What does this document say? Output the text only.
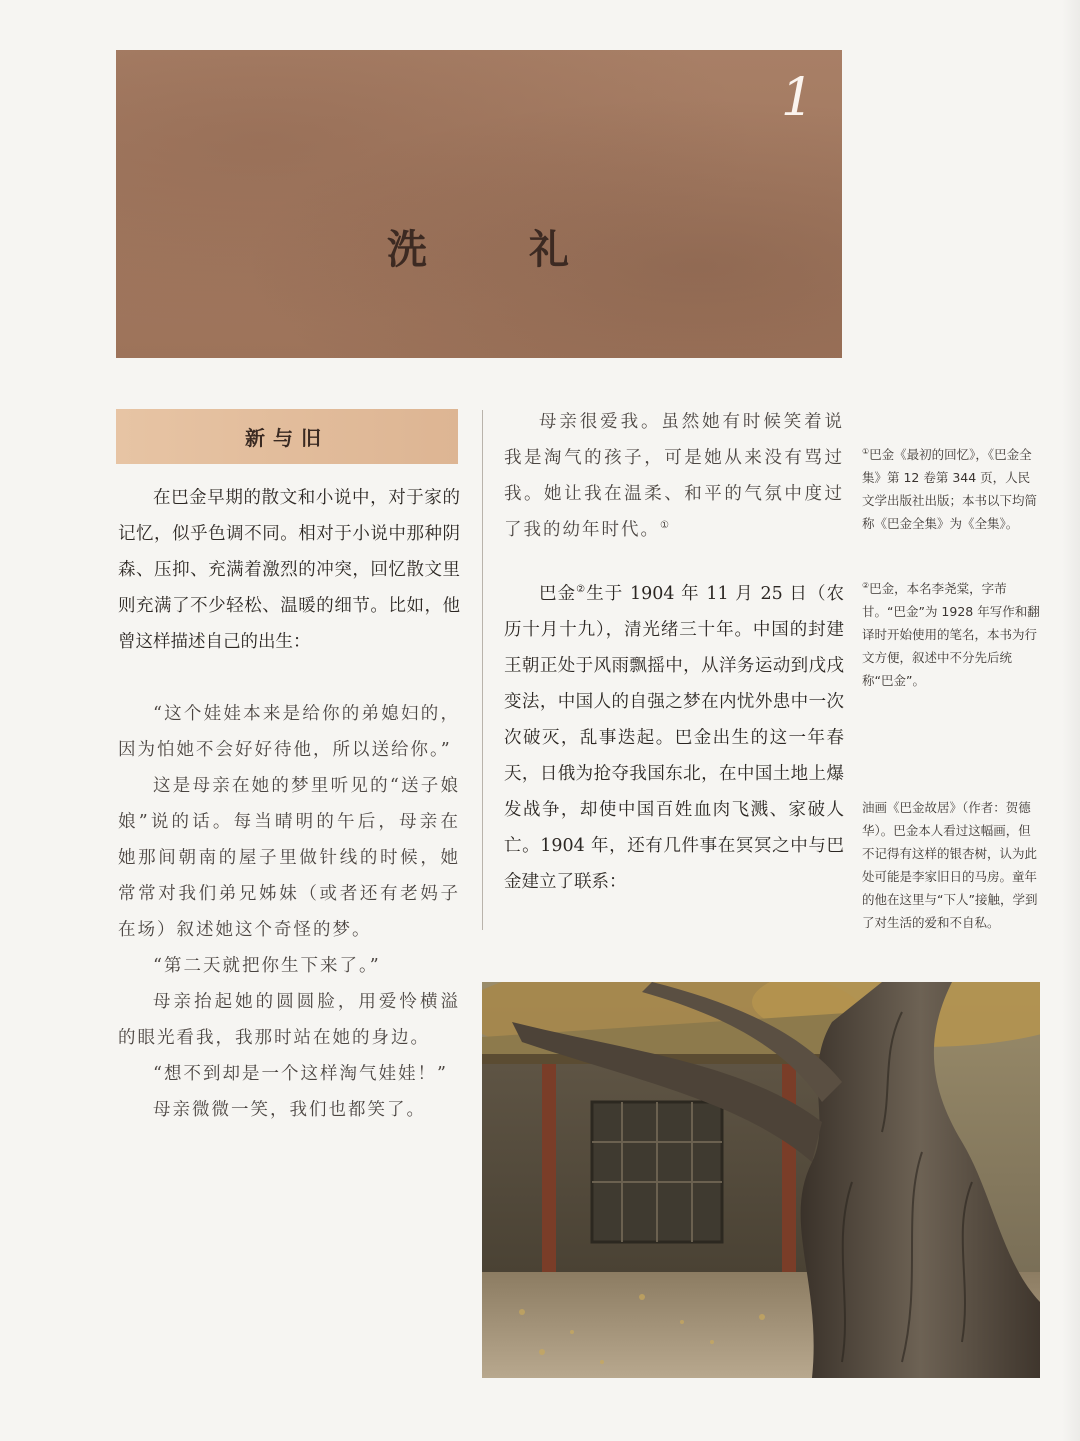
1
洗	礼
新与旧

在巴金早期的散文和小说中，对于家的记忆，似乎色调不同。相对于小说中那种阴森、压抑、充满着激烈的冲突，回忆散文里则充满了不少轻松、温暖的细节。比如，他曾这样描述自己的出生：

“这个娃娃本来是给你的弟媳妇的，因为怕她不会好好待他，所以送给你。”

这是母亲在她的梦里听见的“送子娘娘”说的话。每当晴明的午后，母亲在她那间朝南的屋子里做针线的时候，她常常对我们弟兄姊妹（或者还有老妈子在场）叙述她这个奇怪的梦。

“第二天就把你生下来了。”

母亲抬起她的圆圆脸，用爱怜横溢的眼光看我，我那时站在她的身边。

“想不到却是一个这样淘气娃娃！”

母亲微微一笑，我们也都笑了。

母亲很爱我。虽然她有时候笑着说我是淘气的孩子，可是她从来没有骂过我。她让我在温柔、和平的气氛中度过了我的幼年时代。①

巴金②生于 1904 年 11 月 25 日（农历十月十九），清光绪三十年。中国的封建王朝正处于风雨飘摇中，从洋务运动到戊戌变法，中国人的自强之梦在内忧外患中一次次破灭，乱事迭起。巴金出生的这一年春天，日俄为抢夺我国东北，在中国土地上爆发战争，却使中国百姓血肉飞溅、家破人亡。1904 年，还有几件事在冥冥之中与巴金建立了联系：

①巴金《最初的回忆》，《巴金全集》第 12 卷第 344 页，人民文学出版社出版；本书以下均简称《巴金全集》为《全集》。

②巴金，本名李尧棠，字芾甘。“巴金”为 1928 年写作和翻译时开始使用的笔名，本书为行文方便，叙述中不分先后统称“巴金”。

油画《巴金故居》（作者：贺德华）。巴金本人看过这幅画，但不记得有这样的银杏树，认为此处可能是李家旧日的马房。童年的他在这里与“下人”接触，学到了对生活的爱和不自私。
